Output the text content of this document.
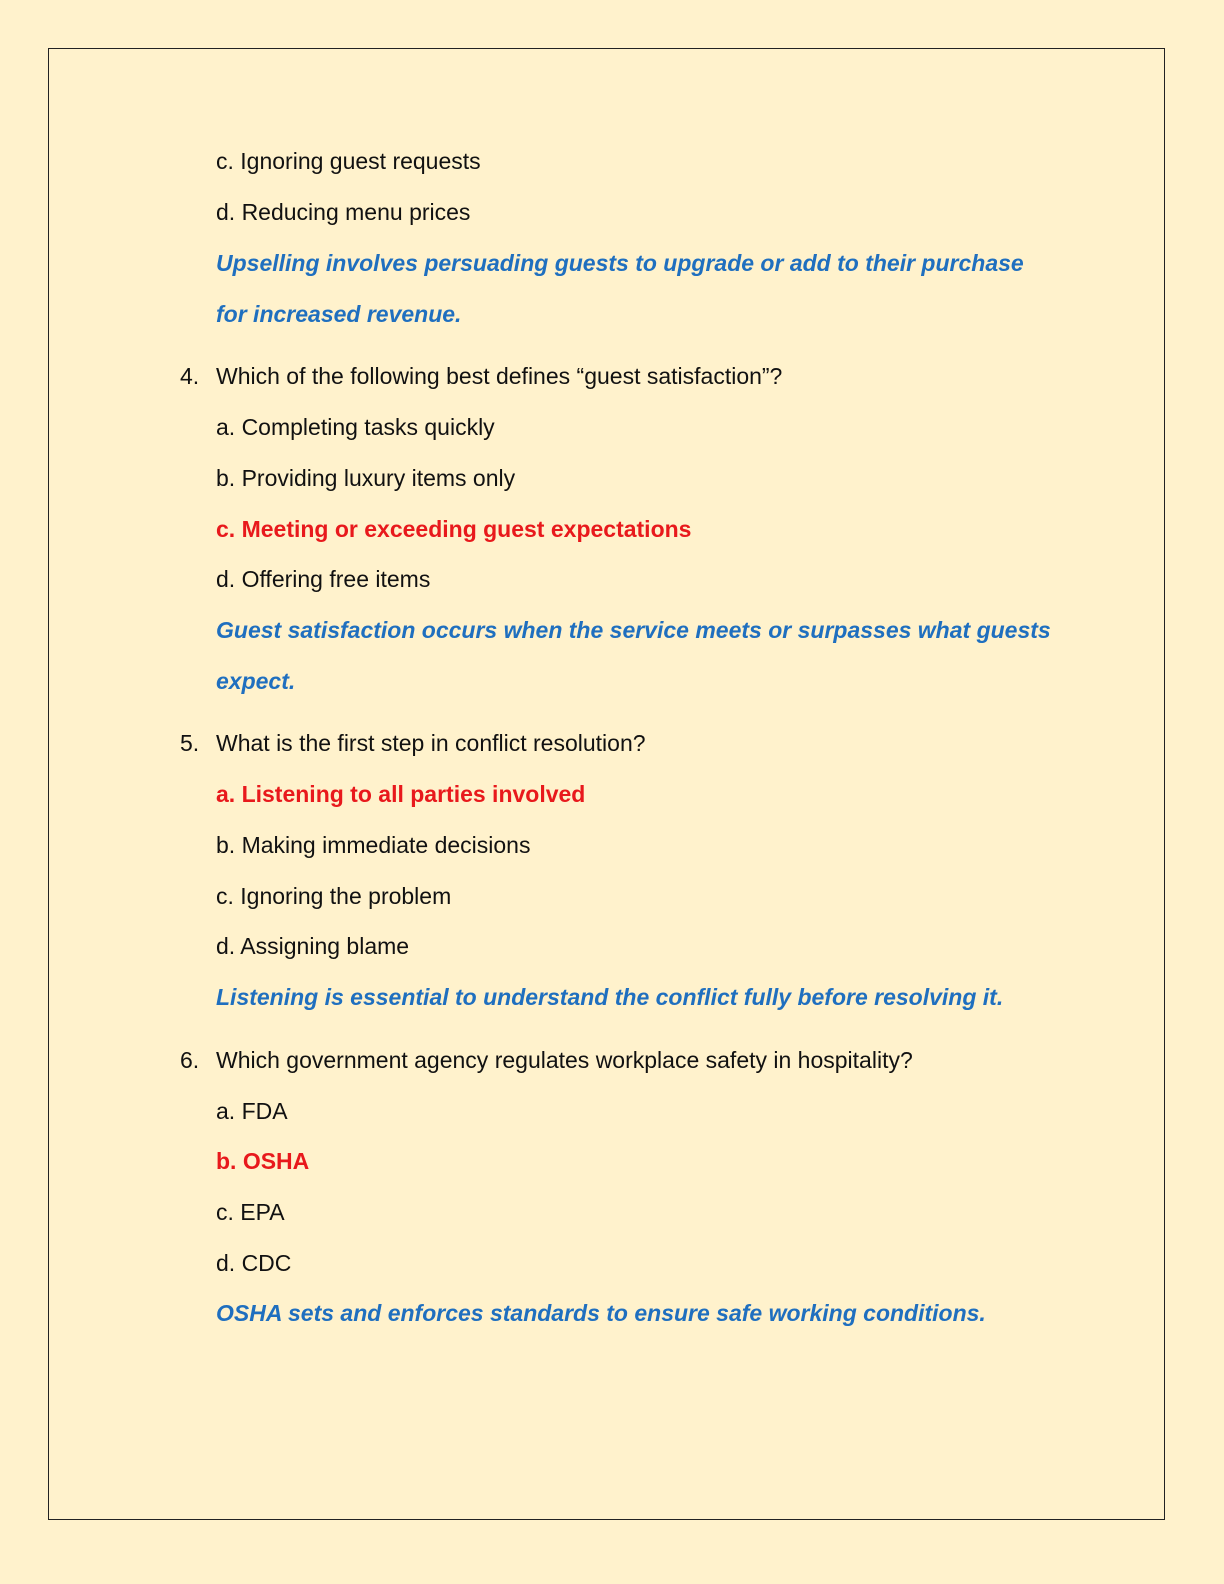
c. Ignoring guest requests
d. Reducing menu prices
Upselling involves persuading guests to upgrade or add to their purchase
for increased revenue.
4. Which of the following best defines “guest satisfaction”?
a. Completing tasks quickly
b. Providing luxury items only
c. Meeting or exceeding guest expectations
d. Offering free items
Guest satisfaction occurs when the service meets or surpasses what guests
expect.
5. What is the first step in conflict resolution?
a. Listening to all parties involved
b. Making immediate decisions
c. Ignoring the problem
d. Assigning blame
Listening is essential to understand the conflict fully before resolving it.
6. Which government agency regulates workplace safety in hospitality?
a. FDA
b. OSHA
c. EPA
d. CDC
OSHA sets and enforces standards to ensure safe working conditions.
